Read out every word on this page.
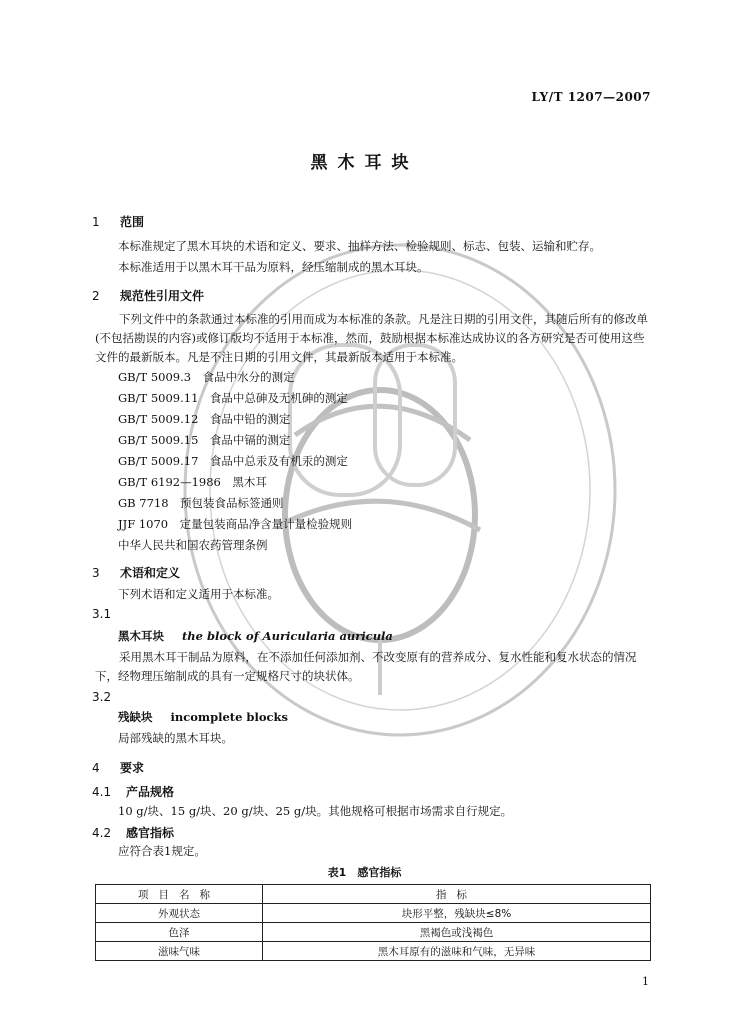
LY/T 1207—2007
黑木耳块
1 范围
本标准规定了黑木耳块的术语和定义、要求、抽样方法、检验规则、标志、包装、运输和贮存。
本标准适用于以黑木耳干品为原料，经压缩制成的黑木耳块。
2 规范性引用文件
下列文件中的条款通过本标准的引用而成为本标准的条款。凡是注日期的引用文件，其随后所有的修改单(不包括勘误的内容)或修订版均不适用于本标准，然而，鼓励根据本标准达成协议的各方研究是否可使用这些文件的最新版本。凡是不注日期的引用文件，其最新版本适用于本标准。
GB/T 5009.3　食品中水分的测定
GB/T 5009.11　食品中总砷及无机砷的测定
GB/T 5009.12　食品中铅的测定
GB/T 5009.15　食品中镉的测定
GB/T 5009.17　食品中总汞及有机汞的测定
GB/T 6192—1986　黑木耳
GB 7718　预包装食品标签通则
JJF 1070　定量包装商品净含量计量检验规则
中华人民共和国农药管理条例
3 术语和定义
下列术语和定义适用于本标准。
3.1
黑木耳块 the block of Auricularia auricula
采用黑木耳干制品为原料，在不添加任何添加剂、不改变原有的营养成分、复水性能和复水状态的情况下，经物理压缩制成的具有一定规格尺寸的块状体。
3.2
残缺块 incomplete blocks
局部残缺的黑木耳块。
4 要求
4.1 产品规格
10 g/块、15 g/块、20 g/块、25 g/块。其他规格可根据市场需求自行规定。
4.2 感官指标
应符合表1规定。
表1　感官指标
项目名称	指标
外观状态	块形平整，残缺块≤8%
色泽	黑褐色或浅褐色
滋味气味	黑木耳原有的滋味和气味，无异味
1
